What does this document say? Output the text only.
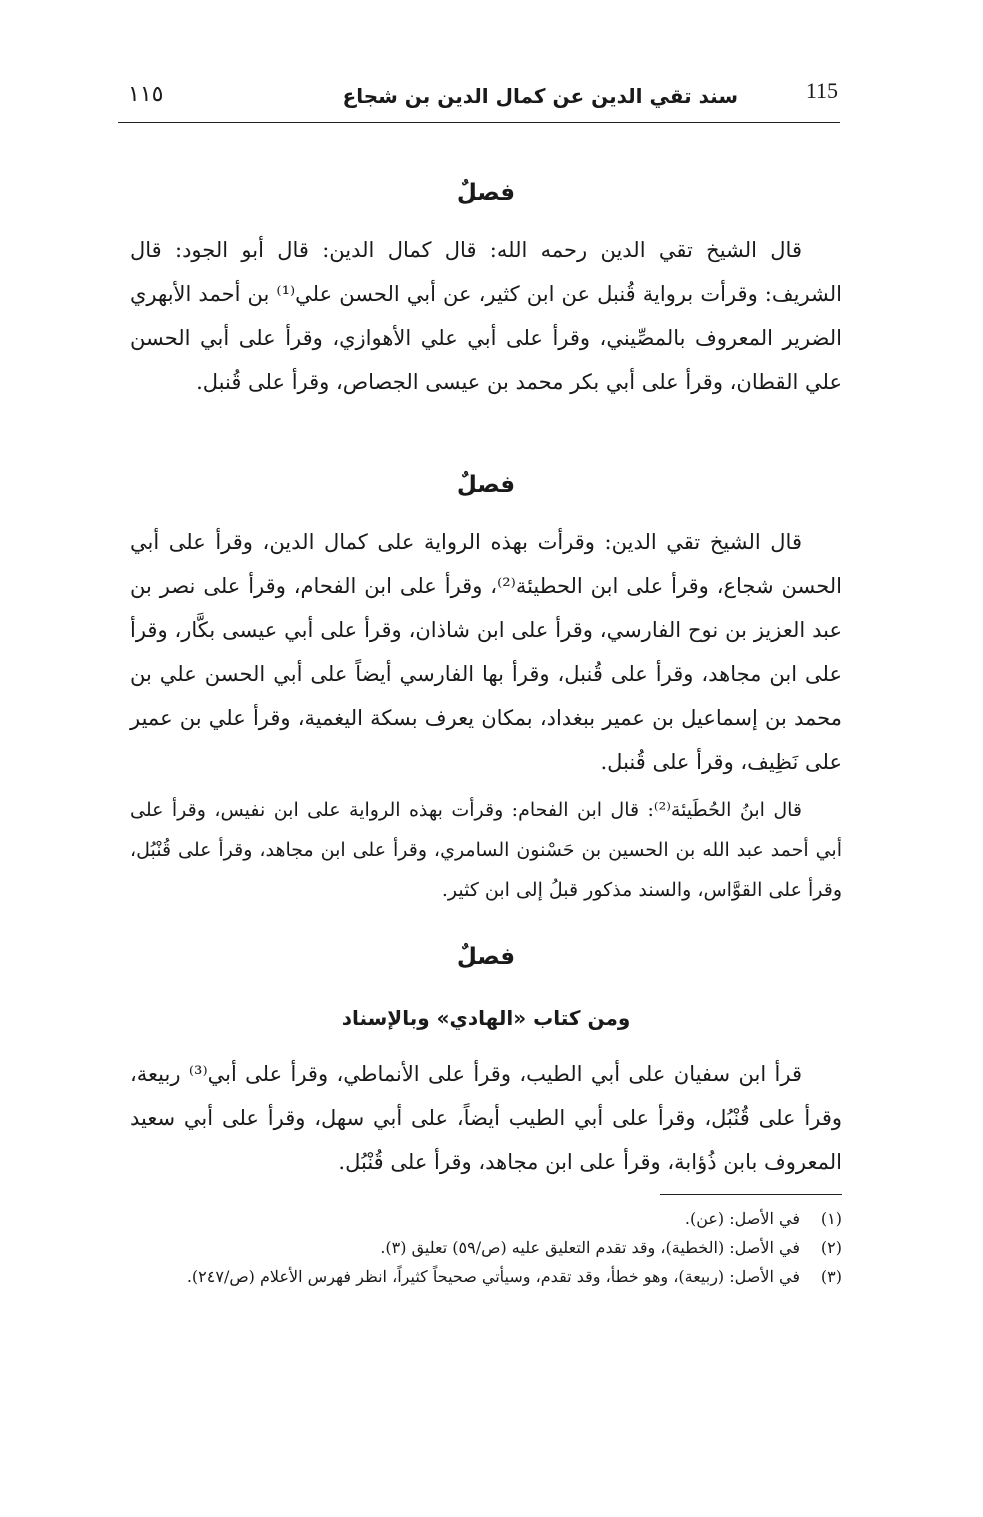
115
سند تقي الدين عن كمال الدين بن شجاع
١١٥
فصلٌ

قال الشيخ تقي الدين رحمه الله: قال كمال الدين: قال أبو الجود: قال الشريف: وقرأت برواية قُنبل عن ابن كثير، عن أبي الحسن علي⁽¹⁾ بن أحمد الأبهري الضرير المعروف بالمصِّيني، وقرأ على أبي علي الأهوازي، وقرأ على أبي الحسن علي القطان، وقرأ على أبي بكر محمد بن عيسى الجصاص، وقرأ على قُنبل.

فصلٌ

قال الشيخ تقي الدين: وقرأت بهذه الرواية على كمال الدين، وقرأ على أبي الحسن شجاع، وقرأ على ابن الحطيئة⁽²⁾، وقرأ على ابن الفحام، وقرأ على نصر بن عبد العزيز بن نوح الفارسي، وقرأ على ابن شاذان، وقرأ على أبي عيسى بكَّار، وقرأ على ابن مجاهد، وقرأ على قُنبل، وقرأ بها الفارسي أيضاً على أبي الحسن علي بن محمد بن إسماعيل بن عمير ببغداد، بمكان يعرف بسكة اليغمية، وقرأ علي بن عمير على نَظِيف، وقرأ على قُنبل.

قال ابنُ الحُطَيئة⁽²⁾: قال ابن الفحام: وقرأت بهذه الرواية على ابن نفيس، وقرأ على أبي أحمد عبد الله بن الحسين بن حَسْنون السامري، وقرأ على ابن مجاهد، وقرأ على قُنْبُل، وقرأ على القوَّاس، والسند مذكور قبلُ إلى ابن كثير.

فصلٌ
ومن كتاب «الهادي» وبالإسناد

قرأ ابن سفيان على أبي الطيب، وقرأ على الأنماطي، وقرأ على أبي⁽³⁾ ربيعة، وقرأ على قُنْبُل، وقرأ على أبي الطيب أيضاً، على أبي سهل، وقرأ على أبي سعيد المعروف بابن ذُؤابة، وقرأ على ابن مجاهد، وقرأ على قُنْبُل.

(١)
في الأصل: (عن).

(٢)
في الأصل: (الخطية)، وقد تقدم التعليق عليه (ص/٥٩) تعليق (٣).

(٣)
في الأصل: (ربيعة)، وهو خطأ، وقد تقدم، وسيأتي صحيحاً كثيراً، انظر فهرس الأعلام (ص/٢٤٧).
